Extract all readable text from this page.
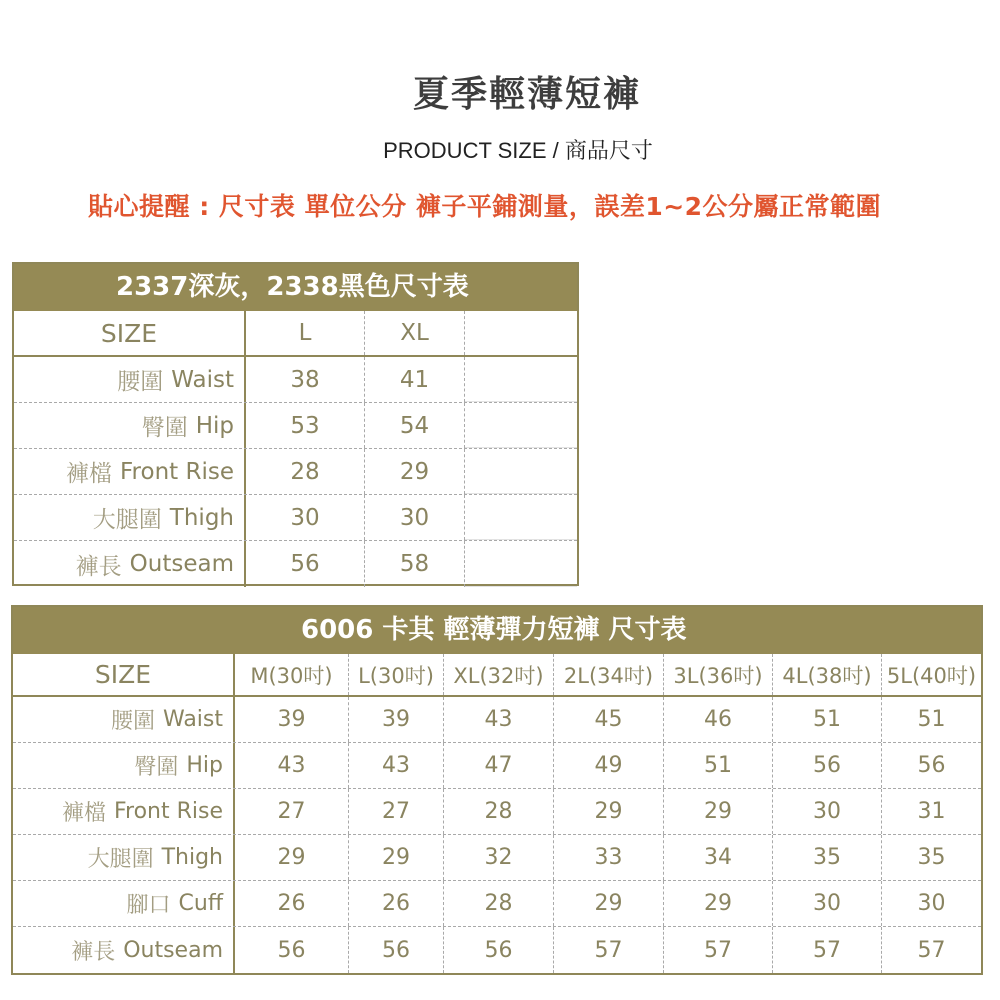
夏季輕薄短褲
PRODUCT SIZE / 商品尺寸
貼心提醒 : 尺寸表 單位公分 褲子平鋪測量，誤差1~2公分屬正常範圍
2337深灰，2338黑色尺寸表
SIZE	L	XL
腰圍 Waist	38	41
臀圍 Hip	53	54
褲檔 Front Rise	28	29
大腿圍 Thigh	30	30
褲長 Outseam	56	58
6006 卡其 輕薄彈力短褲 尺寸表
SIZE	M(30吋)	L(30吋) XL(32吋) 2L(34吋) 3L(36吋) 4L(38吋) 5L(40吋)
腰圍 Waist	39	39	43	45	46	51	51
臀圍 Hip	43	43	47	49	51	56	56
褲檔 Front Rise	27	27	28	29	29	30	31
大腿圍 Thigh	29	29	32	33	34	35	35
腳口 Cuff	26	26	28	29	29	30	30
褲長 Outseam	56	56	56	57	57	57	57
